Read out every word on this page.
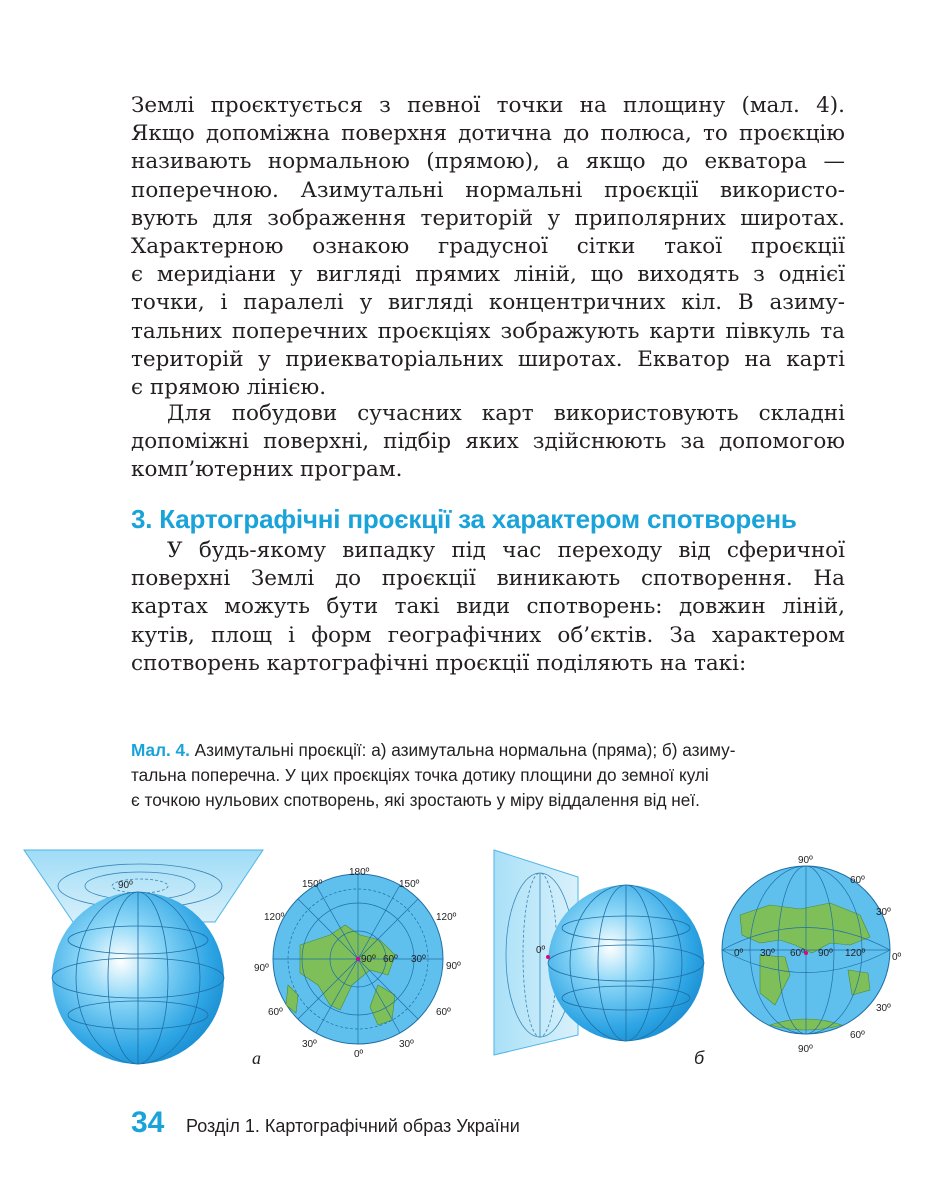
Землі проєктується з певної точки на площину (мал. 4).
Якщо допоміжна поверхня дотична до полюса, то проєкцію
називають нормальною (прямою), а якщо до екватора —
поперечною. Азимутальні нормальні проєкції використо-
вують для зображення територій у приполярних широтах.
Характерною ознакою градусної сітки такої проєкції
є меридіани у вигляді прямих ліній, що виходять з однієї
точки, і паралелі у вигляді концентричних кіл. В азиму-
тальних поперечних проєкціях зображують карти півкуль та
територій у приекваторіальних широтах. Екватор на карті
є прямою лінією.
Для побудови сучасних карт використовують складні
допоміжні поверхні, підбір яких здійснюють за допомогою
комп’ютерних програм.
3. Картографічні проєкції за характером спотворень
У будь-якому випадку під час переходу від сферичної
поверхні Землі до проєкції виникають спотворення. На
картах можуть бути такі види спотворень: довжин ліній,
кутів, площ і форм географічних об’єктів. За характером
спотворень картографічні проєкції поділяють на такі:
Мал. 4. Азимутальні проєкції: а) азимутальна нормальна (пряма); б) азиму-
тальна поперечна. У цих проєкціях точка дотику площини до земної кулі
є точкою нульових спотворень, які зростають у міру віддалення від неї.
90º
180º
150º	150º
120º	120º
90º	90º
60º	60º
30º
0º
30º
90º 60º 30º
а
0º
90º
60º
30º
0º
30º
60º
90º
0º 30º 60º 90º 120º
б
34 Розділ 1. Картографічний образ України
